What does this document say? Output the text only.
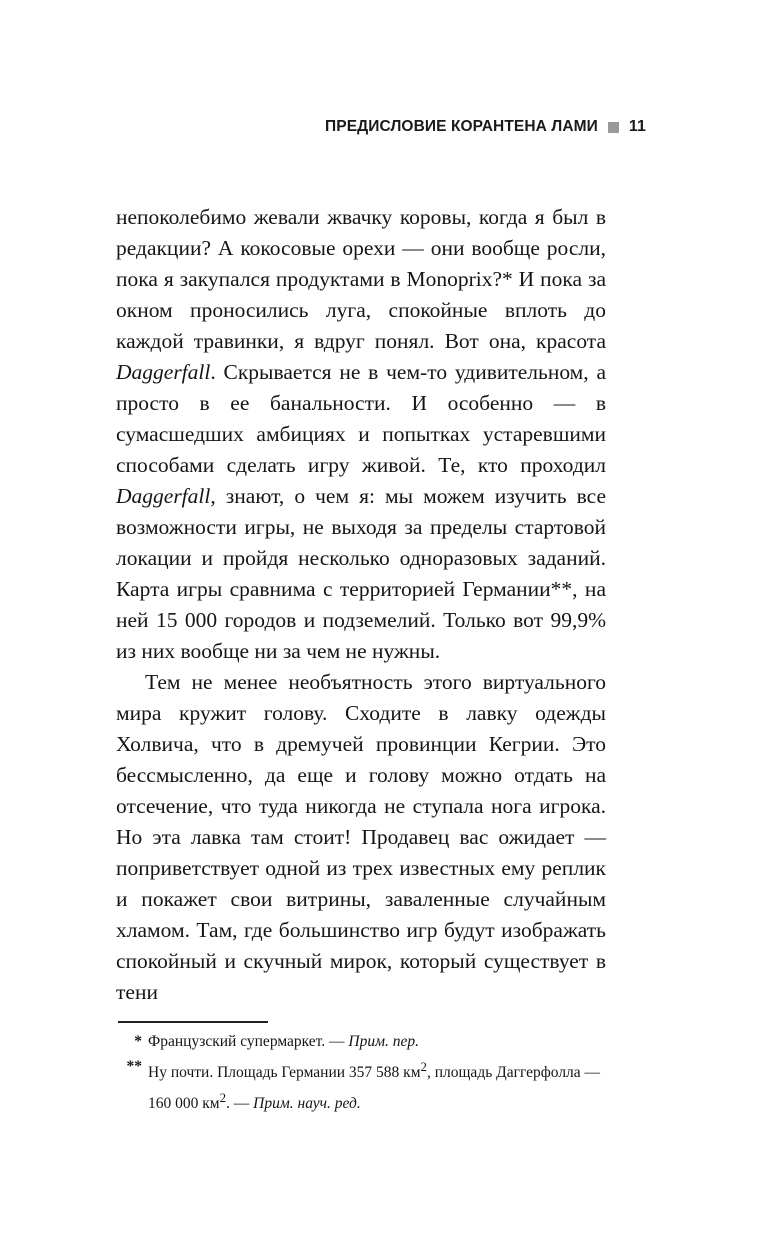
ПРЕДИСЛОВИЕ КОРАНТЕНА ЛАМИ 11

непоколебимо жевали жвачку коровы, когда я был в редакции? А кокосовые орехи — они вообще росли, пока я закупался продуктами в Monoprix?* И пока за окном проносились луга, спокойные вплоть до каждой травинки, я вдруг понял. Вот она, красота Daggerfall. Скрывается не в чем-то удивительном, а просто в ее банальности. И особенно — в сумасшедших амбициях и попытках устаревшими способами сделать игру живой. Те, кто проходил Daggerfall, знают, о чем я: мы можем изучить все возможности игры, не выходя за пределы стартовой локации и пройдя несколько одноразовых заданий. Карта игры сравнима с территорией Германии**, на ней 15 000 городов и подземелий. Только вот 99,9% из них вообще ни за чем не нужны.

Тем не менее необъятность этого виртуального мира кружит голову. Сходите в лавку одежды Холвича, что в дремучей провинции Кегрии. Это бессмысленно, да еще и голову можно отдать на отсечение, что туда никогда не ступала нога игрока. Но эта лавка там стоит! Продавец вас ожидает — поприветствует одной из трех известных ему реплик и покажет свои витрины, заваленные случайным хламом. Там, где большинство игр будут изображать спокойный и скучный мирок, который существует в тени

* Французский супермаркет. — Прим. пер.
** Ну почти. Площадь Германии 357 588 $км^2$, площадь Даггерфолла — 160 000 $км^2$. — Прим. науч. ред.
